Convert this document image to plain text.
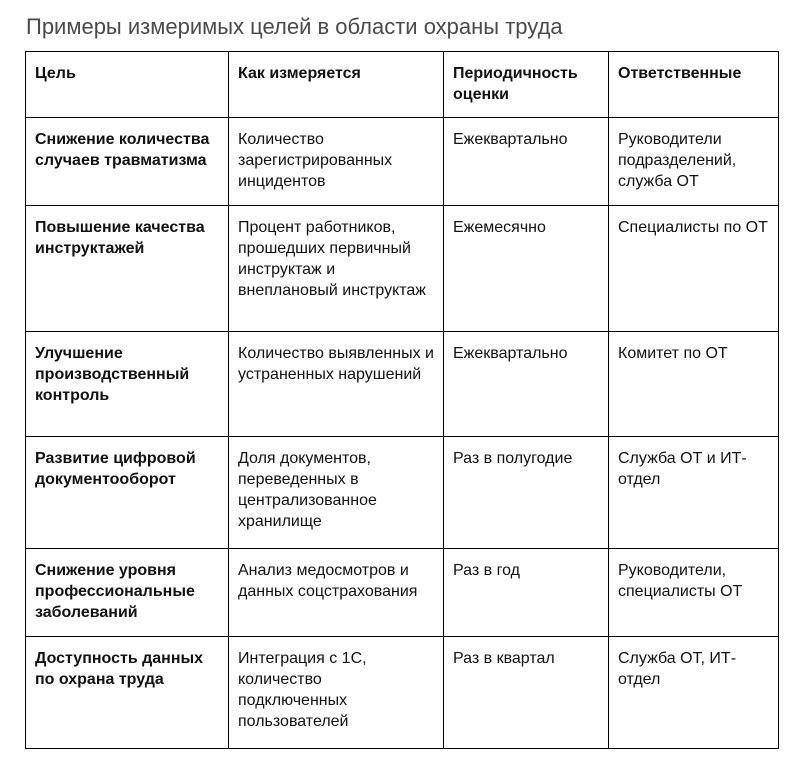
Примеры измеримых целей в области охраны труда
Цель	Как измеряется	Периодичность оценки	Ответственные
Снижение количества случаев травматизма	Количество зарегистрированных инцидентов	Ежеквартально	Руководители подразделений, служба ОТ
Повышение качества инструктажей	Процент работников, прошедших первичный инструктаж и внеплановый инструктаж	Ежемесячно	Специалисты по ОТ
Улучшение производственный контроль	Количество выявленных и устраненных нарушений	Ежеквартально	Комитет по ОТ
Развитие цифровой документооборот	Доля документов, переведенных в централизованное хранилище	Раз в полугодие	Служба ОТ и ИТ-отдел
Снижение уровня профессиональные заболеваний	Анализ медосмотров и данных соцстрахования	Раз в год	Руководители, специалисты ОТ
Доступность данных по охрана труда	Интеграция с 1С, количество подключенных пользователей	Раз в квартал	Служба ОТ, ИТ-отдел
